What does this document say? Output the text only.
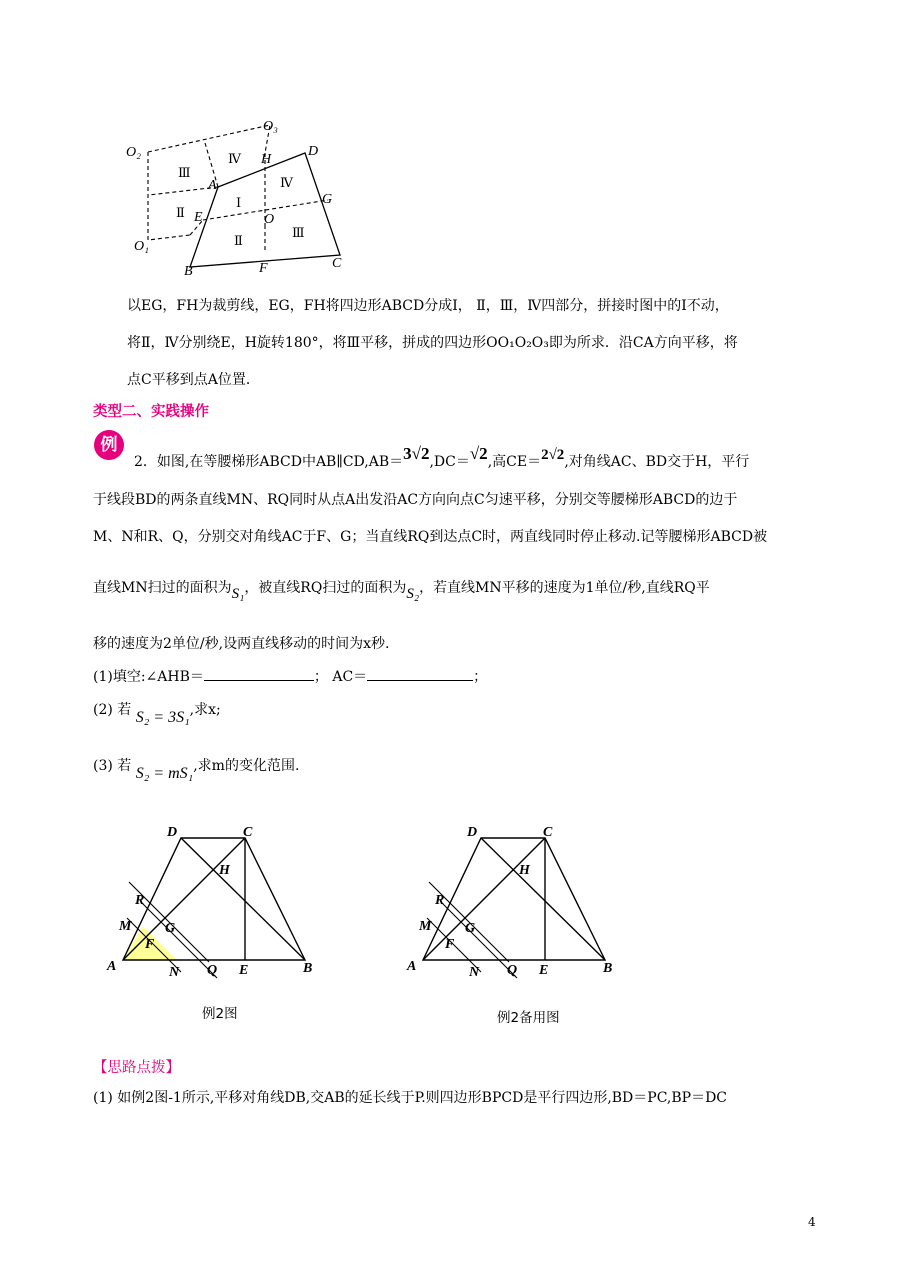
O₂
O₃
O₁
A
B
C
D
E
F
G
H
O
Ⅲ
Ⅳ
Ⅳ
Ⅱ
Ⅰ
Ⅱ
Ⅲ
以EG，FH为裁剪线，EG，FH将四边形ABCD分成Ⅰ， Ⅱ，Ⅲ，Ⅳ四部分，拼接时图中的Ⅰ不动，
将Ⅱ，Ⅳ分别绕E，H旋转180°，将Ⅲ平移，拼成的四边形OO₁O₂O₃即为所求．沿CA方向平移，将
点C平移到点A位置．
类型二、实践操作
例
2．如图,在等腰梯形ABCD中AB∥CD,AB＝3√2,DC＝√2,高CE＝2√2,对角线AC、BD交于H，平行
于线段BD的两条直线MN、RQ同时从点A出发沿AC方向向点C匀速平移，分别交等腰梯形ABCD的边于
M、N和R、Q，分别交对角线AC于F、G；当直线RQ到达点C时，两直线同时停止移动.记等腰梯形ABCD被
直线MN扫过的面积为S₁，被直线RQ扫过的面积为S₂，若直线MN平移的速度为1单位/秒,直线RQ平
移的速度为2单位/秒,设两直线移动的时间为x秒.
(1)填空:∠AHB＝	； AC＝	；
(2) 若 S₂ = 3S₁,求x;
(3) 若 S₂ = mS₁,求m的变化范围.
D	C
H
R
M G
F
A	N Q E	B
例2图
D	C
H
R
M G
F
A	N Q E	B
例2备用图
【思路点拨】
(1) 如例2图-1所示,平移对角线DB,交AB的延长线于P.则四边形BPCD是平行四边形,BD＝PC,BP＝DC
4
